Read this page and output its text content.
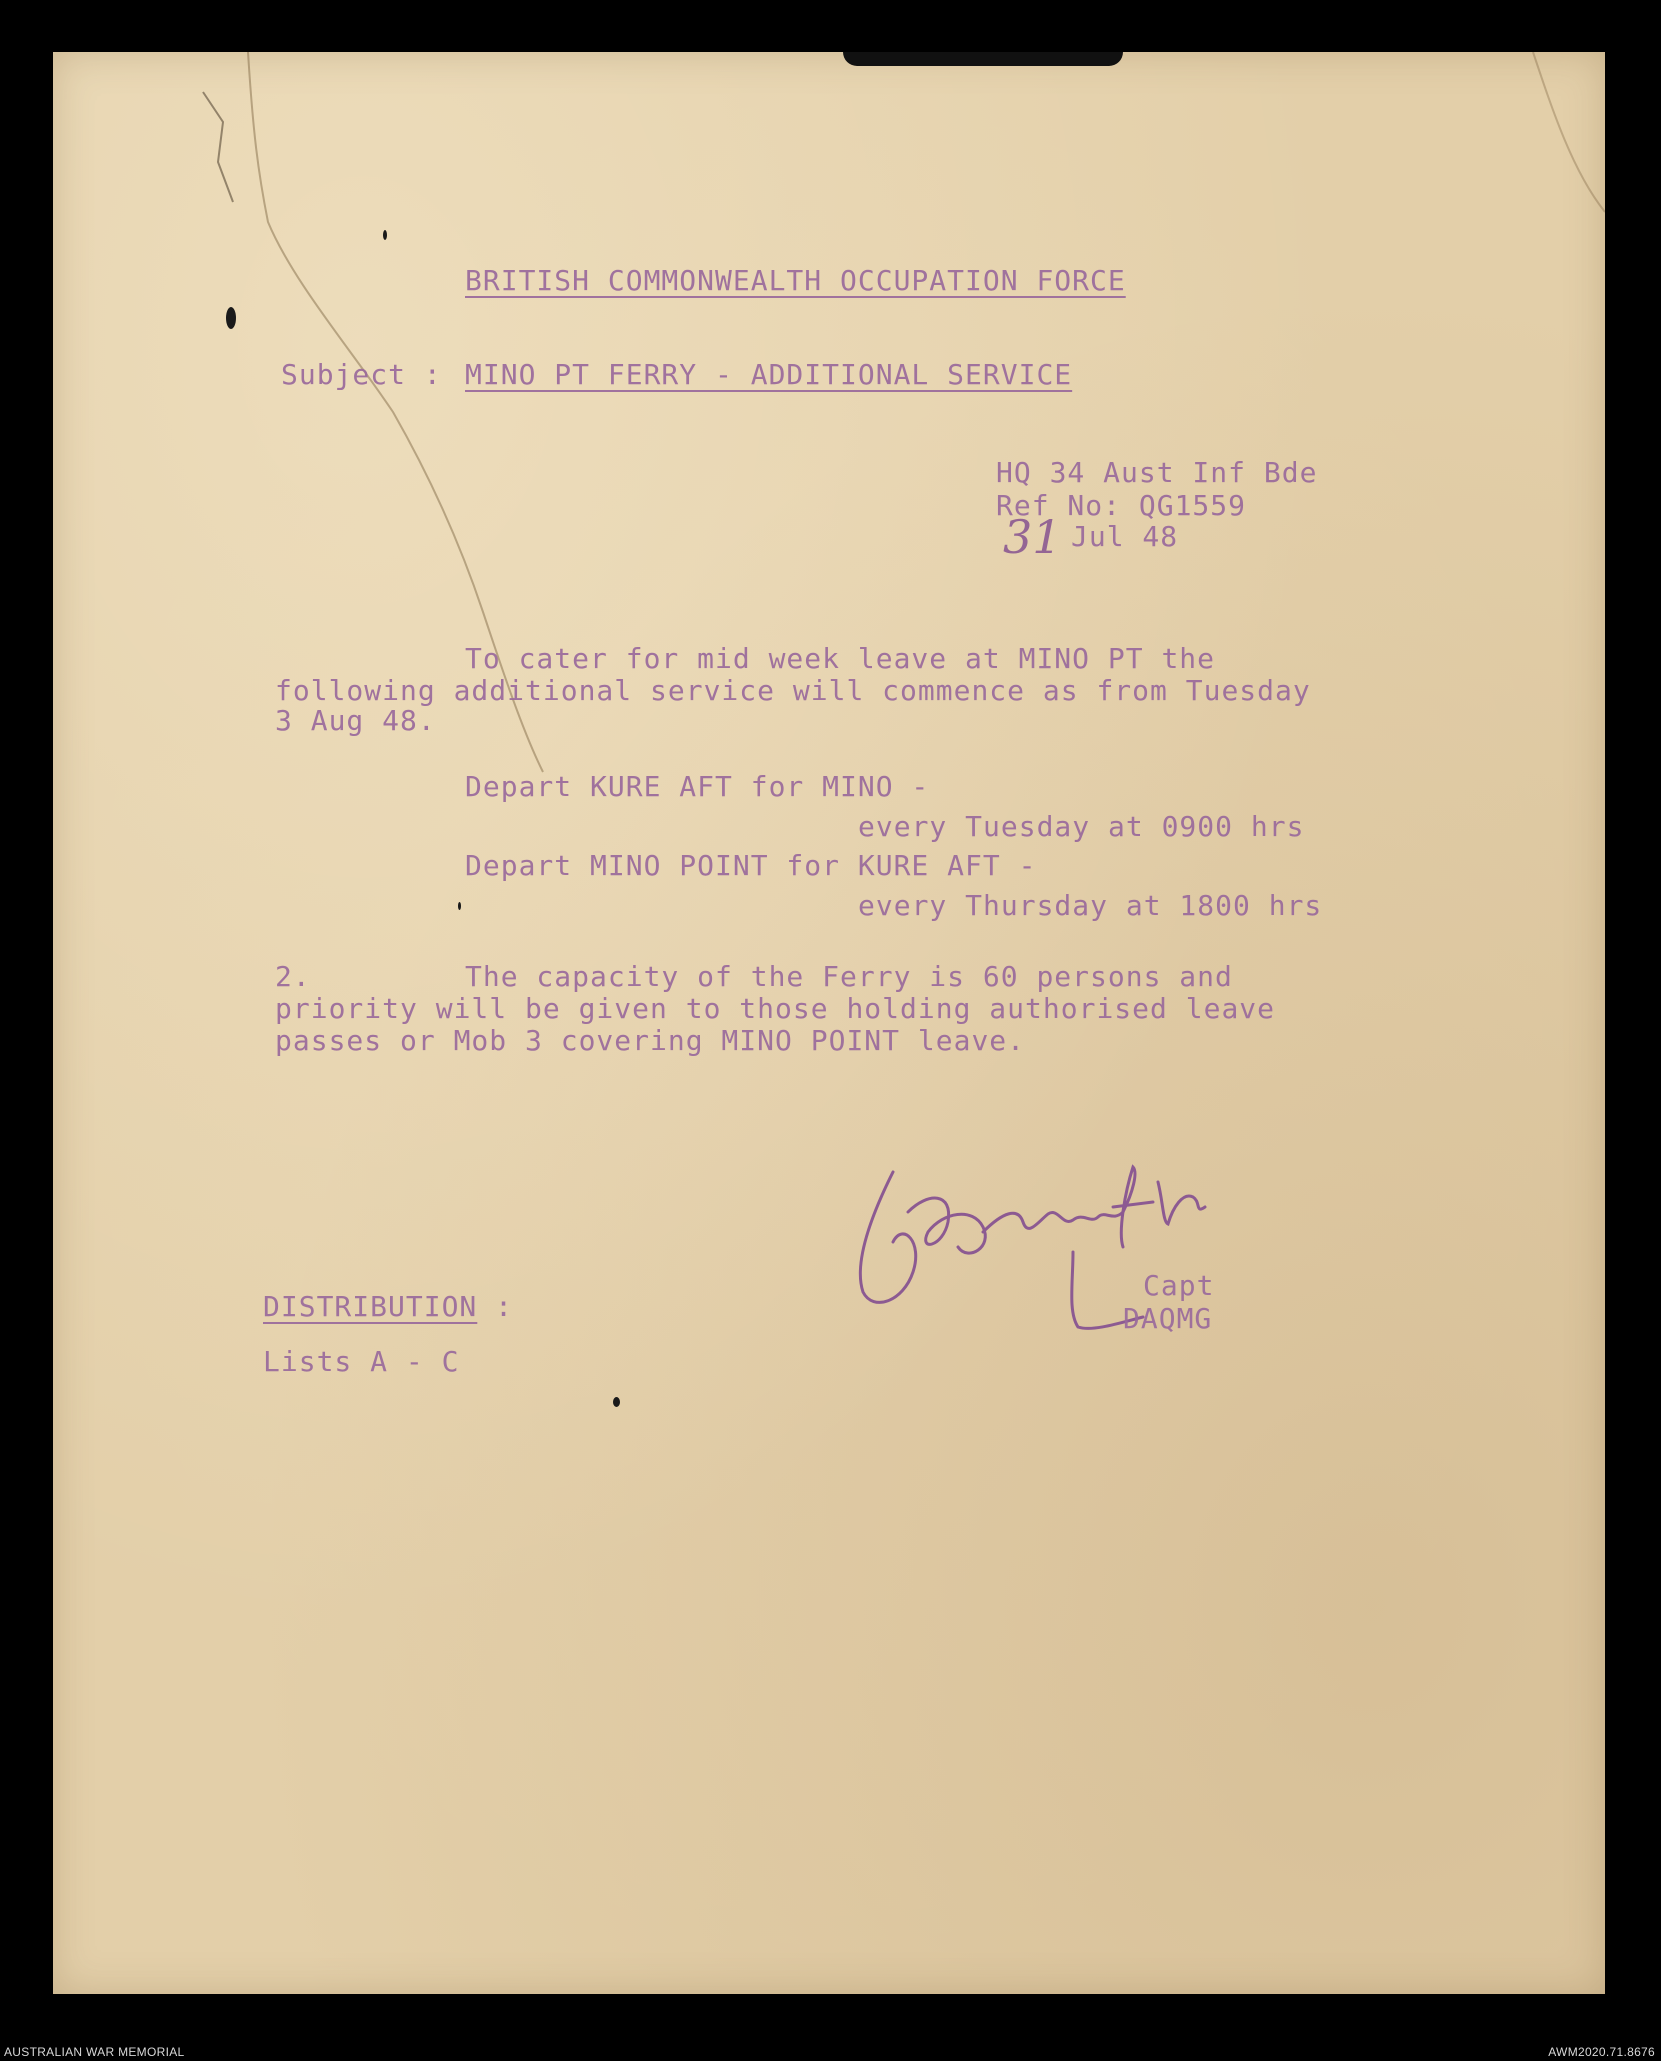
BRITISH COMMONWEALTH OCCUPATION FORCE
Subject : MINO PT FERRY - ADDITIONAL SERVICE
HQ 34 Aust Inf Bde
Ref No: QG1559
31 Jul 48
To cater for mid week leave at MINO PT the
following additional service will commence as from Tuesday
3 Aug 48.
Depart KURE AFT for MINO -
every Tuesday at 0900 hrs
Depart MINO POINT for KURE AFT -
every Thursday at 1800 hrs
2.	The capacity of the Ferry is 60 persons and
priority will be given to those holding authorised leave
passes or Mob 3 covering MINO POINT leave.
Capt
DAQMG
DISTRIBUTION :
Lists A - C
AUSTRALIAN WAR MEMORIAL	AWM2020.71.8676
